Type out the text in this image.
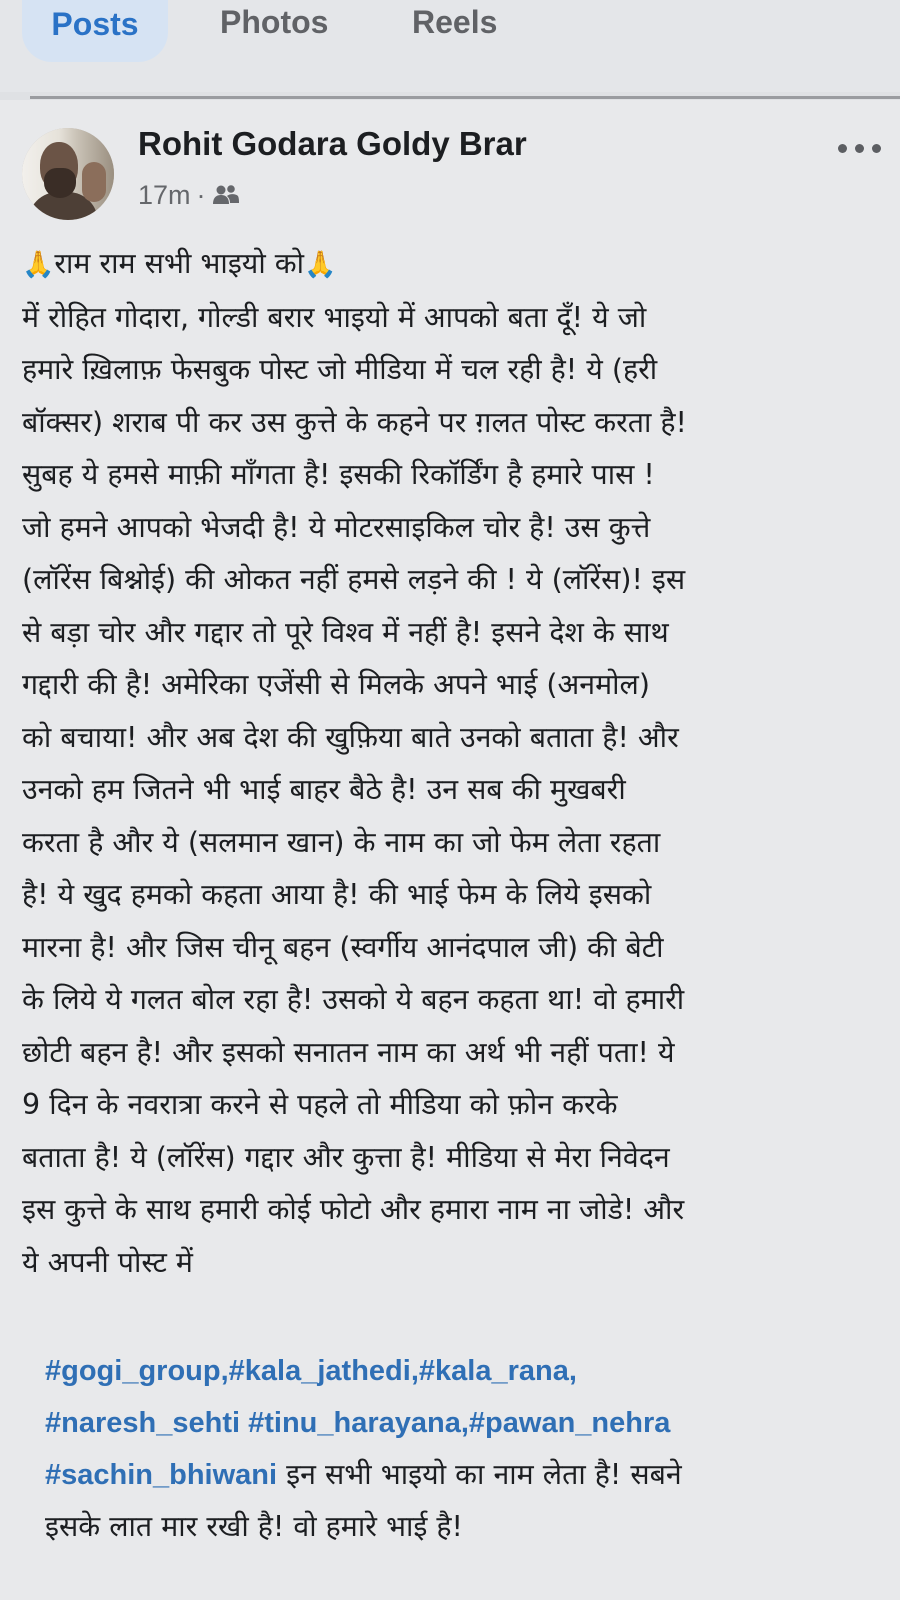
Posts	Photos	Reels
Rohit Godara Goldy Brar
17m ·
🙏राम राम सभी भाइयो को🙏
में रोहित गोदारा, गोल्डी बरार भाइयो में आपको बता दूँ! ये जो
हमारे ख़िलाफ़ फेसबुक पोस्ट जो मीडिया में चल रही है! ये (हरी
बॉक्सर) शराब पी कर उस कुत्ते के कहने पर ग़लत पोस्ट करता है!
सुबह ये हमसे माफ़ी माँगता है! इसकी रिकॉर्डिंग है हमारे पास !
जो हमने आपको भेजदी है! ये मोटरसाइकिल चोर है! उस कुत्ते
(लॉरेंस बिश्नोई) की ओकत नहीं हमसे लड़ने की ! ये (लॉरेंस)! इस
से बड़ा चोर और गद्दार तो पूरे विश्व में नहीं है! इसने देश के साथ
गद्दारी की है! अमेरिका एजेंसी से मिलके अपने भाई (अनमोल)
को बचाया! और अब देश की खुफ़िया बाते उनको बताता है! और
उनको हम जितने भी भाई बाहर बैठे है! उन सब की मुखबरी
करता है और ये (सलमान खान) के नाम का जो फेम लेता रहता
है! ये खुद हमको कहता आया है! की भाई फेम के लिये इसको
मारना है! और जिस चीनू बहन (स्वर्गीय आनंदपाल जी) की बेटी
के लिये ये गलत बोल रहा है! उसको ये बहन कहता था! वो हमारी
छोटी बहन है! और इसको सनातन नाम का अर्थ भी नहीं पता! ये
9 दिन के नवरात्रा करने से पहले तो मीडिया को फ़ोन करके
बताता है! ये (लॉरेंस) गद्दार और कुत्ता है! मीडिया से मेरा निवेदन
इस कुत्ते के साथ हमारी कोई फोटो और हमारा नाम ना जोडे! और
ये अपनी पोस्ट में
#gogi_group,#kala_jathedi,#kala_rana,
#naresh_sehti #tinu_harayana,#pawan_nehra
#sachin_bhiwani इन सभी भाइयो का नाम लेता है! सबने
इसके लात मार रखी है! वो हमारे भाई है!
